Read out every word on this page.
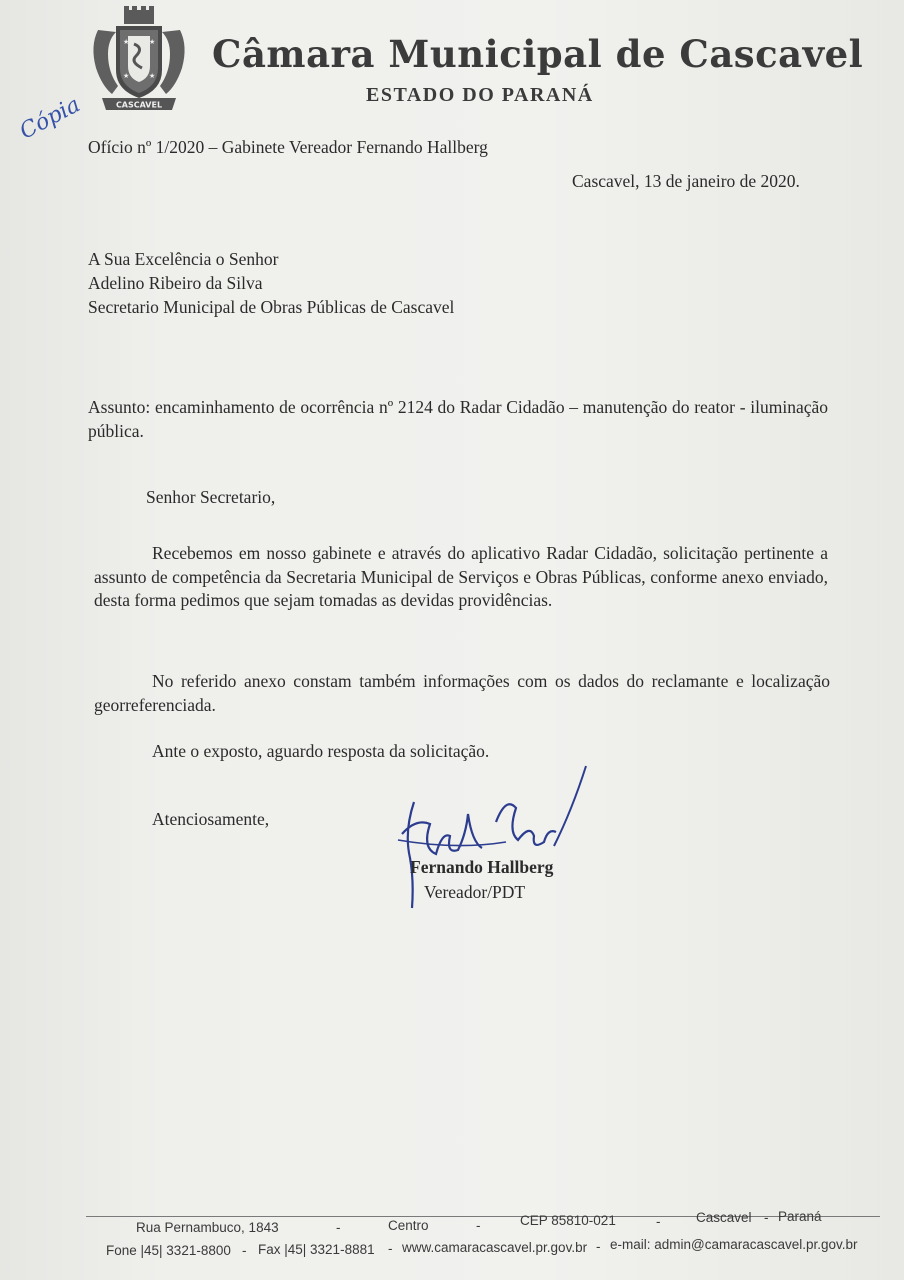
★	★
★	★
CASCAVEL
Câmara Municipal de Cascavel
ESTADO DO PARANÁ
Cópia
Ofício nº 1/2020 – Gabinete Vereador Fernando Hallberg
Cascavel, 13 de janeiro de 2020.
A Sua Excelência o Senhor
Adelino Ribeiro da Silva
Secretario Municipal de Obras Públicas de Cascavel
Assunto: encaminhamento de ocorrência nº 2124 do Radar Cidadão – manutenção do reator - iluminação pública.
Senhor Secretario,
Recebemos em nosso gabinete e através do aplicativo Radar Cidadão, solicitação pertinente a assunto de competência da Secretaria Municipal de Serviços e Obras Públicas, conforme anexo enviado, desta forma pedimos que sejam tomadas as devidas providências.
No referido anexo constam também informações com os dados do reclamante e localização georreferenciada.
Ante o exposto, aguardo resposta da solicitação.
Atenciosamente,
Fernando Hallberg
Vereador/PDT
Rua Pernambuco, 1843	-	Centro	-	CEP 85810-021	-	Cascavel - Paraná
Fone |45| 3321-8800 - Fax |45| 3321-8881 - www.camaracascavel.pr.gov.br - e-mail: admin@camaracascavel.pr.gov.br
